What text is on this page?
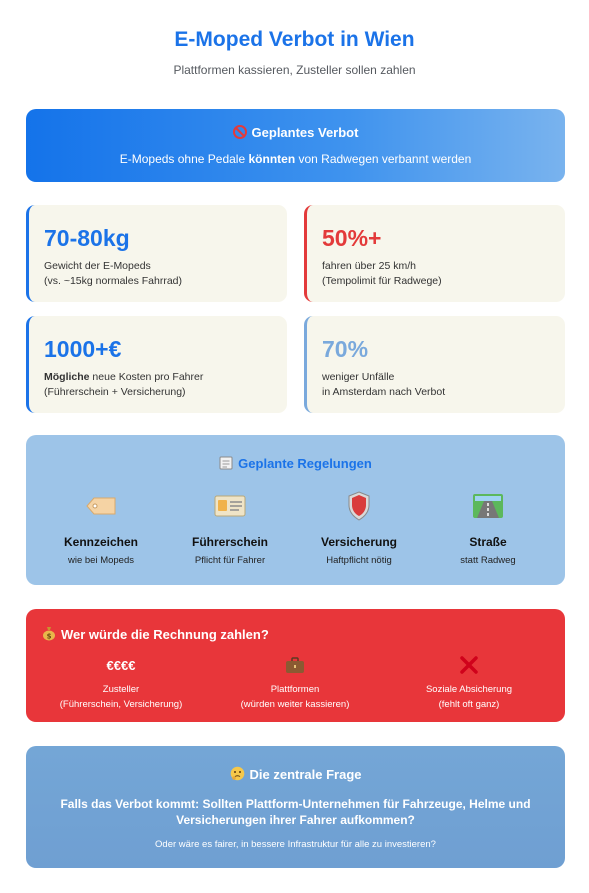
E-Moped Verbot in Wien
Plattformen kassieren, Zusteller sollen zahlen
Geplantes Verbot
E-Mopeds ohne Pedale könnten von Radwegen verbannt werden
70-80kg
Gewicht der E-Mopeds
(vs. ~15kg normales Fahrrad)
50%+
fahren über 25 km/h
(Tempolimit für Radwege)
1000+€
Mögliche neue Kosten pro Fahrer
(Führerschein + Versicherung)
70%
weniger Unfälle
in Amsterdam nach Verbot
Geplante Regelungen
Kennzeichen
wie bei Mopeds
Führerschein
Pflicht für Fahrer
Versicherung
Haftpflicht nötig
Straße
statt Radweg
$ Wer würde die Rechnung zahlen?
€€€€
Zusteller
(Führerschein, Versicherung)
Plattformen
(würden weiter kassieren)
Soziale Absicherung
(fehlt oft ganz)
Die zentrale Frage
Falls das Verbot kommt: Sollten Plattform-Unternehmen für Fahrzeuge, Helme und Versicherungen ihrer Fahrer aufkommen?
Oder wäre es fairer, in bessere Infrastruktur für alle zu investieren?
